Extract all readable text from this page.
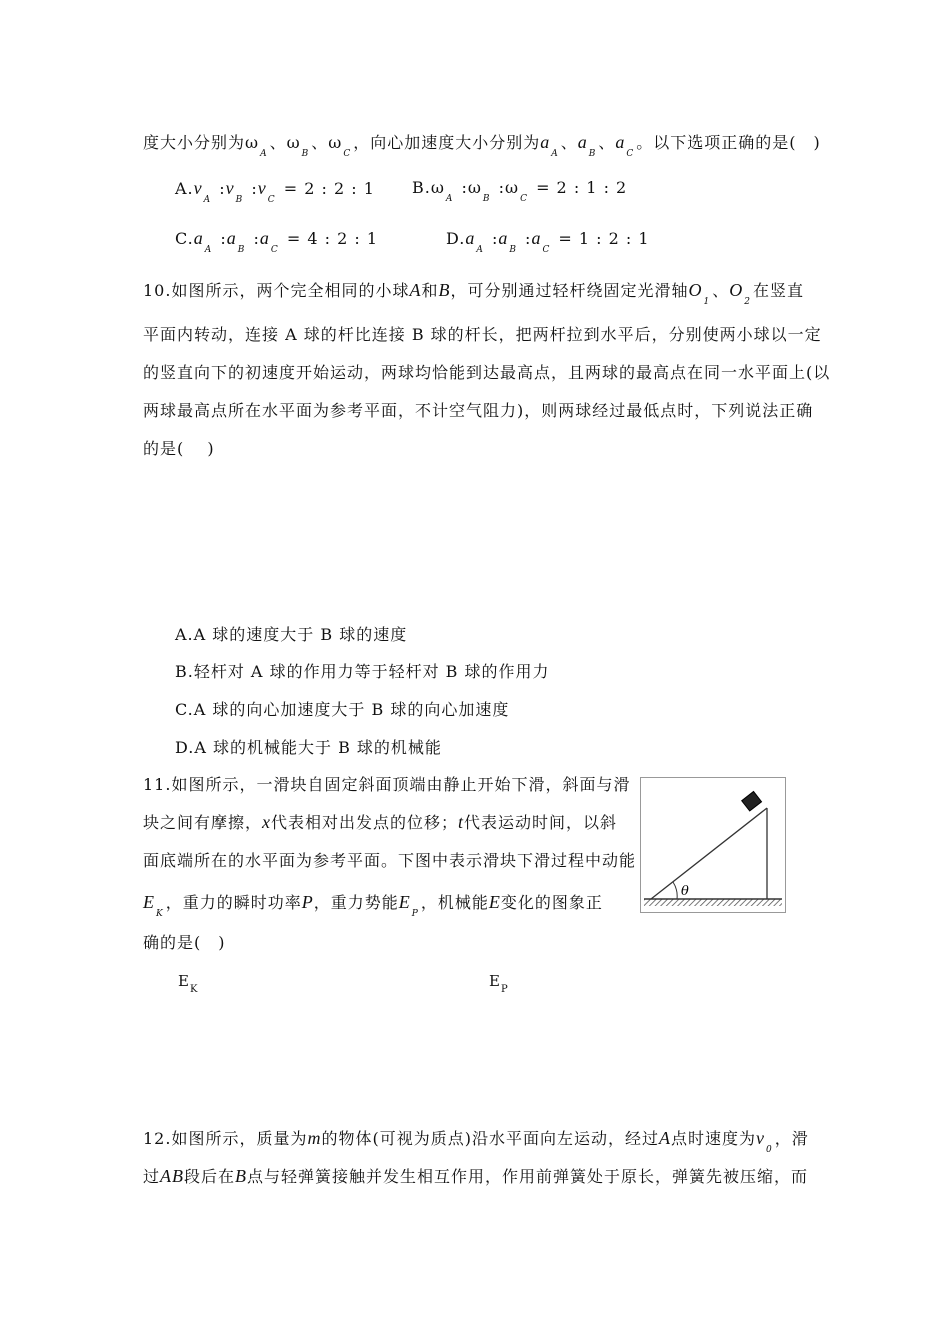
度大小分别为$\omega_A$、$\omega_B$、$\omega_C$，向心加速度大小分别为$a_A$、$a_B$、$a_C$。以下选项正确的是(　)
$A.v_A$ $:v_B$ $:v_C = 2$ : 2 : 1 $B.\omega_A$ $:\omega_B$ $:\omega_C = 2$ : 1 : 2
$C.a_A$ $:a_B$ $:a_C = 4$ : 2 : 1	$D.a_A$ $:a_B$ $:a_C = 1$ : 2 : 1
10.如图所示，两个完全相同的小球A和B，可分别通过轻杆绕固定光滑轴$O_1$、$O_2$在竖直
平面内转动，连接 A 球的杆比连接 B 球的杆长，把两杆拉到水平后，分别使两小球以一定
的竖直向下的初速度开始运动，两球均恰能到达最高点，且两球的最高点在同一水平面上(以
两球最高点所在水平面为参考平面，不计空气阻力)，则两球经过最低点时，下列说法正确
的是(　 )
A.A 球的速度大于 B 球的速度
B.轻杆对 A 球的作用力等于轻杆对 B 球的作用力
C.A 球的向心加速度大于 B 球的向心加速度
D.A 球的机械能大于 B 球的机械能
11.如图所示，一滑块自固定斜面顶端由静止开始下滑，斜面与滑
块之间有摩擦，x代表相对出发点的位移；t代表运动时间，以斜
面底端所在的水平面为参考平面。下图中表示滑块下滑过程中动能
$E_K$，重力的瞬时功率P，重力势能$E_P$，机械能E变化的图象正
确的是(　)
θ
$E_K$	$E_P$
12.如图所示，质量为m的物体(可视为质点)沿水平面向左运动，经过A点时速度为$v_0$，滑
过AB段后在B点与轻弹簧接触并发生相互作用，作用前弹簧处于原长，弹簧先被压缩，而
